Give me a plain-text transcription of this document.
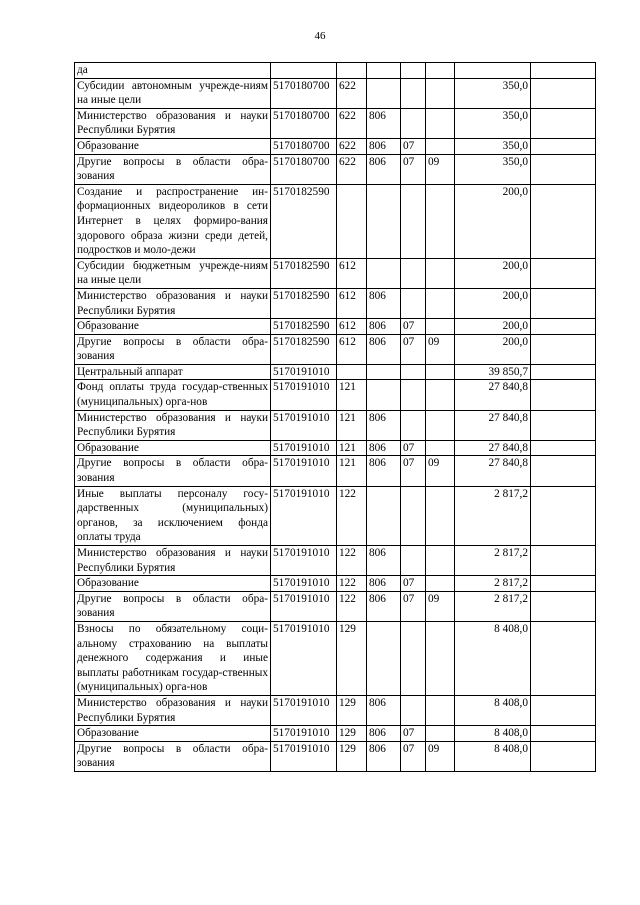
46
да							
Субсидии автономным учрежде-ниям на иные цели	5170180700	622				350,0	
Министерство образования и науки Республики Бурятия	5170180700	622	806			350,0	
Образование	5170180700	622	806	07		350,0	
Другие вопросы в области обра-зования	5170180700	622	806	07	09	350,0	
Создание и распространение ин-формационных видеороликов в сети Интернет в целях формиро-вания здорового образа жизни среди детей, подростков и моло-дежи	5170182590					200,0	
Субсидии бюджетным учрежде-ниям на иные цели	5170182590	612				200,0	
Министерство образования и науки Республики Бурятия	5170182590	612	806			200,0	
Образование	5170182590	612	806	07		200,0	
Другие вопросы в области обра-зования	5170182590	612	806	07	09	200,0	
Центральный аппарат	5170191010					39 850,7	
Фонд оплаты труда государ-ственных (муниципальных) орга-нов	5170191010	121				27 840,8	
Министерство образования и науки Республики Бурятия	5170191010	121	806			27 840,8	
Образование	5170191010	121	806	07		27 840,8	
Другие вопросы в области обра-зования	5170191010	121	806	07	09	27 840,8	
Иные выплаты персоналу госу-дарственных (муниципальных) органов, за исключением фонда оплаты труда	5170191010	122				2 817,2	
Министерство образования и науки Республики Бурятия	5170191010	122	806			2 817,2	
Образование	5170191010	122	806	07		2 817,2	
Другие вопросы в области обра-зования	5170191010	122	806	07	09	2 817,2	
Взносы по обязательному соци-альному страхованию на выплаты денежного содержания и иные выплаты работникам государ-ственных (муниципальных) орга-нов	5170191010	129				8 408,0	
Министерство образования и науки Республики Бурятия	5170191010	129	806			8 408,0	
Образование	5170191010	129	806	07		8 408,0	
Другие вопросы в области обра-зования	5170191010	129	806	07	09	8 408,0	
